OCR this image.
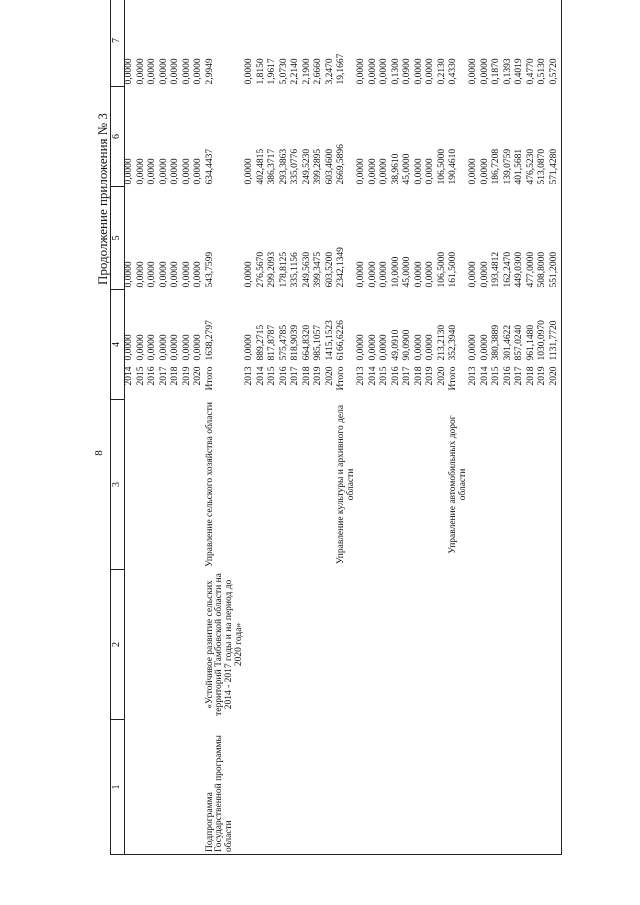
8
Продолжение приложения № 3
1	2	3	4		5	6	7	
			2014	0,0000	0,0000	0,0000	0,0000	
			2015	0,0000	0,0000	0,0000	0,0000	
			2016	0,0000	0,0000	0,0000	0,0000	
			2017	0,0000	0,0000	0,0000	0,0000	
			2018	0,0000	0,0000	0,0000	0,0000	
			2019	0,0000	0,0000	0,0000	0,0000	
			2020	0,0000	0,0000	0,0000	0,0000	
Подпрограмма Государственной программы области	«Устойчивое развитие сельских территорий Тамбовской области на 2014 - 2017 годы и на период до 2020 года»	Управление сельского хозяйства области	Итого	1638,2797	543,7599	634,4437	2,9949	
			2013	0,0000	0,0000	0,0000	0,0000	
			2014	889,2715	276,5670	402,4815	1,8150	
			2015	817,8787	299,2093	386,3717	1,9617	
			2016	575,4785	178,8125	293,3863	5,0730	
			2017	818,9039	335,1156	335,0776	2,2140	
			2018	664,8320	249,5630	249,5230	2,1900	
			2019	985,1057	399,3475	399,2895	2,6660	
			2020	1415,1523	603,5200	603,4600	3,2470	
		Управление культуры и архивного дела области	Итого	6166,6226	2342,1349	2669,5896	19,1667	
			2013	0,0000	0,0000	0,0000	0,0000	
			2014	0,0000	0,0000	0,0000	0,0000	
			2015	0,0000	0,0000	0,0000	0,0000	
			2016	49,0910	10,0000	38,9610	0,1300	
			2017	90,0900	45,0000	45,0000	0,0900	
			2018	0,0000	0,0000	0,0000	0,0000	
			2019	0,0000	0,0000	0,0000	0,0000	
			2020	213,2130	106,5000	106,5000	0,2130	
		Управление автомобильных дорог области	Итого	352,3940	161,5000	190,4610	0,4330	
			2013	0,0000	0,0000	0,0000	0,0000	
			2014	0,0000	0,0000	0,0000	0,0000	
			2015	380,3889	193,4812	186,7208	0,1870	
			2016	301,4622	162,2470	139,0759	0,1393	
			2017	857,0240	449,0300	401,5681	0,4019	
			2018	961,1480	477,0000	476,5230	0,4770	
			2019	1030,0970	508,8000	513,0870	0,5130	
			2020	1131,7720	551,2000	571,4280	0,5720	
